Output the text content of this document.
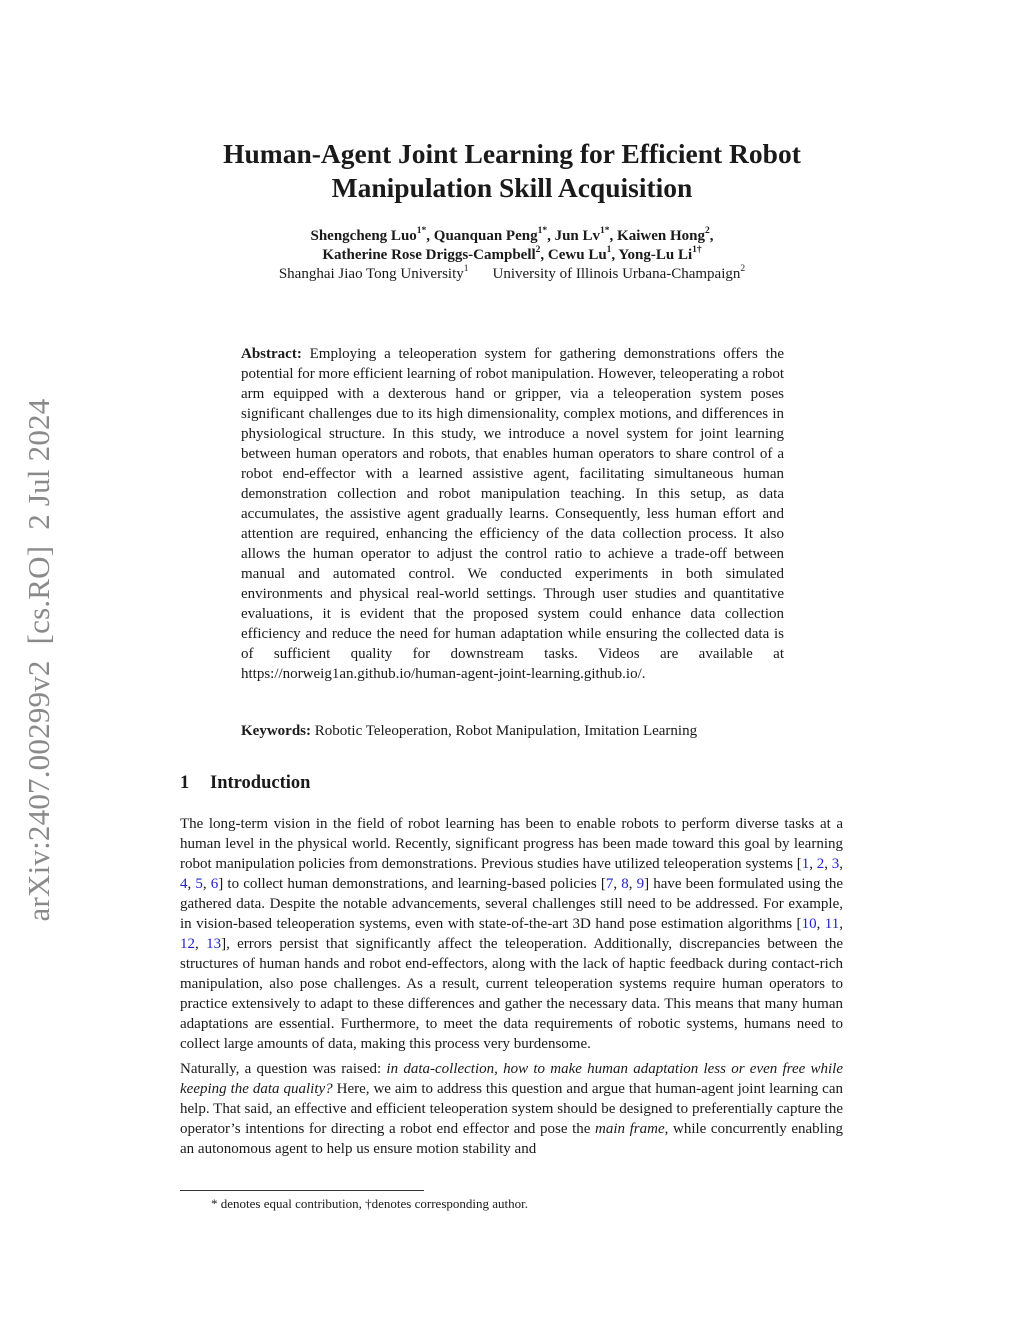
arXiv:2407.00299v2[cs.RO]2 Jul 2024
Human-Agent Joint Learning for Efficient Robot
Manipulation Skill Acquisition
Shengcheng Luo$^{1*}$, Quanquan Peng$^{1*}$, Jun $Lv^{1*}$, Kaiwen Hong$^2$,
Katherine Rose Driggs-Campbell$^2$, Cewu Lu$^1$, Yong-Lu $Li^{1\dagger}$
Shanghai Jiao Tong University$^1$ University of Illinois Urbana-Champaign$^2$
Abstract: Employing a teleoperation system for gathering demonstrations offers the potential for more efficient learning of robot manipulation. However, teleoperating a robot arm equipped with a dexterous hand or gripper, via a teleoperation system poses significant challenges due to its high dimensionality, complex motions, and differences in physiological structure. In this study, we introduce a novel system for joint learning between human operators and robots, that enables human operators to share control of a robot end-effector with a learned assistive agent, facilitating simultaneous human demonstration collection and robot manipulation teaching. In this setup, as data accumulates, the assistive agent gradually learns. Consequently, less human effort and attention are required, enhancing the efficiency of the data collection process. It also allows the human operator to adjust the control ratio to achieve a trade-off between manual and automated control. We conducted experiments in both simulated environments and physical real-world settings. Through user studies and quantitative evaluations, it is evident that the proposed system could enhance data collection efficiency and reduce the need for human adaptation while ensuring the collected data is of sufficient quality for downstream tasks. Videos are available at https://norweig1an.github.io/human-agent-joint-learning.github.io/.
Keywords: Robotic Teleoperation, Robot Manipulation, Imitation Learning
1 Introduction

The long-term vision in the field of robot learning has been to enable robots to perform diverse tasks at a human level in the physical world. Recently, significant progress has been made toward this goal by learning robot manipulation policies from demonstrations. Previous studies have utilized teleoperation systems [1, 2, 3, 4, 5, 6] to collect human demonstrations, and learning-based policies [7, 8, 9] have been formulated using the gathered data. Despite the notable advancements, several challenges still need to be addressed. For example, in vision-based teleoperation systems, even with state-of-the-art 3D hand pose estimation algorithms [10, 11, 12, 13], errors persist that significantly affect the teleoperation. Additionally, discrepancies between the structures of human hands and robot end-effectors, along with the lack of haptic feedback during contact-rich manipulation, also pose challenges. As a result, current teleoperation systems require human operators to practice extensively to adapt to these differences and gather the necessary data. This means that many human adaptations are essential. Furthermore, to meet the data requirements of robotic systems, humans need to collect large amounts of data, making this process very burdensome.

Naturally, a question was raised: in data-collection, how to make human adaptation less or even free while keeping the data quality? Here, we aim to address this question and argue that human-agent joint learning can help. That said, an effective and efficient teleoperation system should be designed to preferentially capture the operator’s intentions for directing a robot end effector and pose the main frame, while concurrently enabling an autonomous agent to help us ensure motion stability and

* denotes equal contribution, †denotes corresponding author.
